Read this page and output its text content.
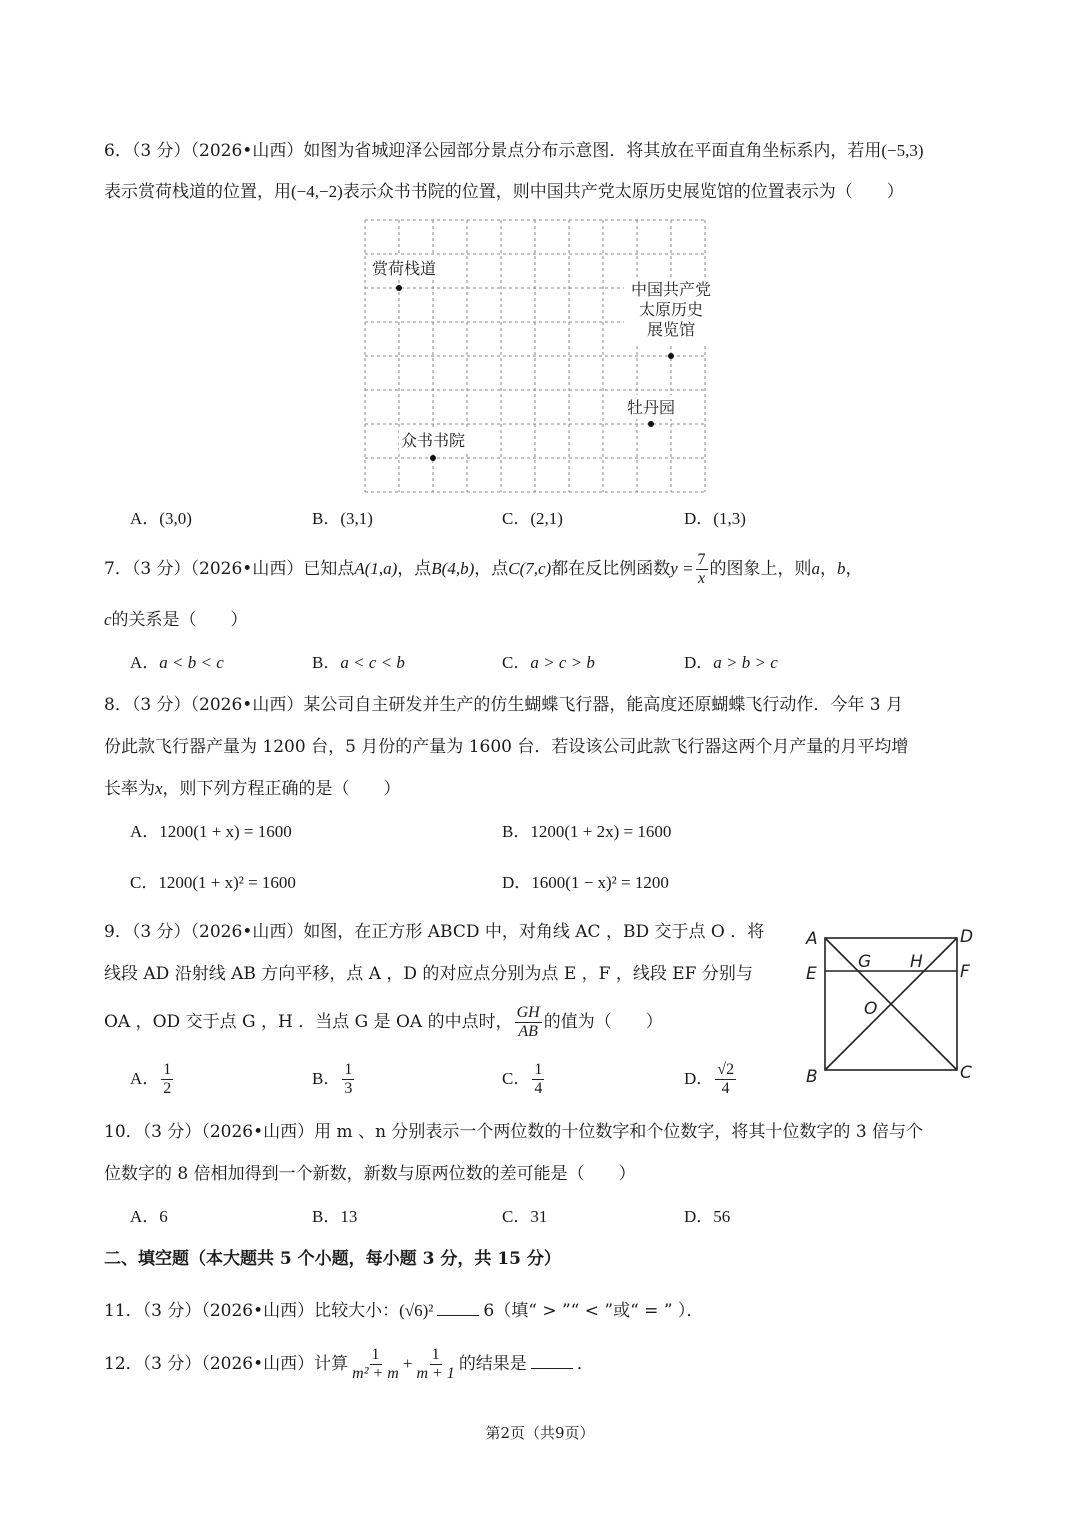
6．（3 分）（2026•山西）如图为省城迎泽公园部分景点分布示意图．将其放在平面直角坐标系内，若用(−5,3)
表示赏荷栈道的位置，用(−4,−2)表示众书书院的位置，则中国共产党太原历史展览馆的位置表示为（　　）
赏荷栈道
中国共产党
太原历史
展览馆
牡丹园
众书书院
A．(3,0)	B．(3,1)	C．(2,1)	D．(1,3)
7．（3 分）（2026•山西）已知点A(1,a)，点B(4,b)，点C(7,c)都在反比例函数$y = \frac{7}{x}$ 的图象上，则a，b，
c的关系是（　　）
A．a < b < c	B．a < c < b	C．a > c > b	D．a > b > c
8．（3 分）（2026•山西）某公司自主研发并生产的仿生蝴蝶飞行器，能高度还原蝴蝶飞行动作．今年 3 月
份此款飞行器产量为 1200 台，5 月份的产量为 1600 台．若设该公司此款飞行器这两个月产量的月平均增
长率为x，则下列方程正确的是（　　）
A．1200(1 + x) = 1600	B．1200(1 + 2x) = 1600
C．1200(1 + x)² = 1600	D．1600(1 − x)² = 1200
9．（3 分）（2026•山西）如图，在正方形 ABCD 中，对角线 AC ，BD 交于点 O ．将
线段 AD 沿射线 AB 方向平移，点 A ，D 的对应点分别为点 E ，F ，线段 EF 分别与
OA ，OD 交于点 G ，H ．当点 G 是 OA 的中点时， $\frac{GH}{AB}$ 的值为（　　）
A	D
E	F
G H
O
B	C
A． $\frac{1}{2}$	B． $\frac{1}{3}$	C． $\frac{1}{4}$	D． $\frac{√2}{4}$
10．（3 分）（2026•山西）用 m 、n 分别表示一个两位数的十位数字和个位数字，将其十位数字的 3 倍与个
位数字的 8 倍相加得到一个新数，新数与原两位数的差可能是（　　）
A．6	B．13	C．31	D．56
二、填空题（本大题共 5 个小题，每小题 3 分，共 15 分）
11．（3 分）（2026•山西）比较大小：(√6)²	6（填“ > ”“ < ”或“ = ” ）．
12．（3 分）（2026•山西）计算 $\frac{1}{\text{m² + m}} + \frac{1}{m + 1}$ 的结果是	．
第2页（共9页）
